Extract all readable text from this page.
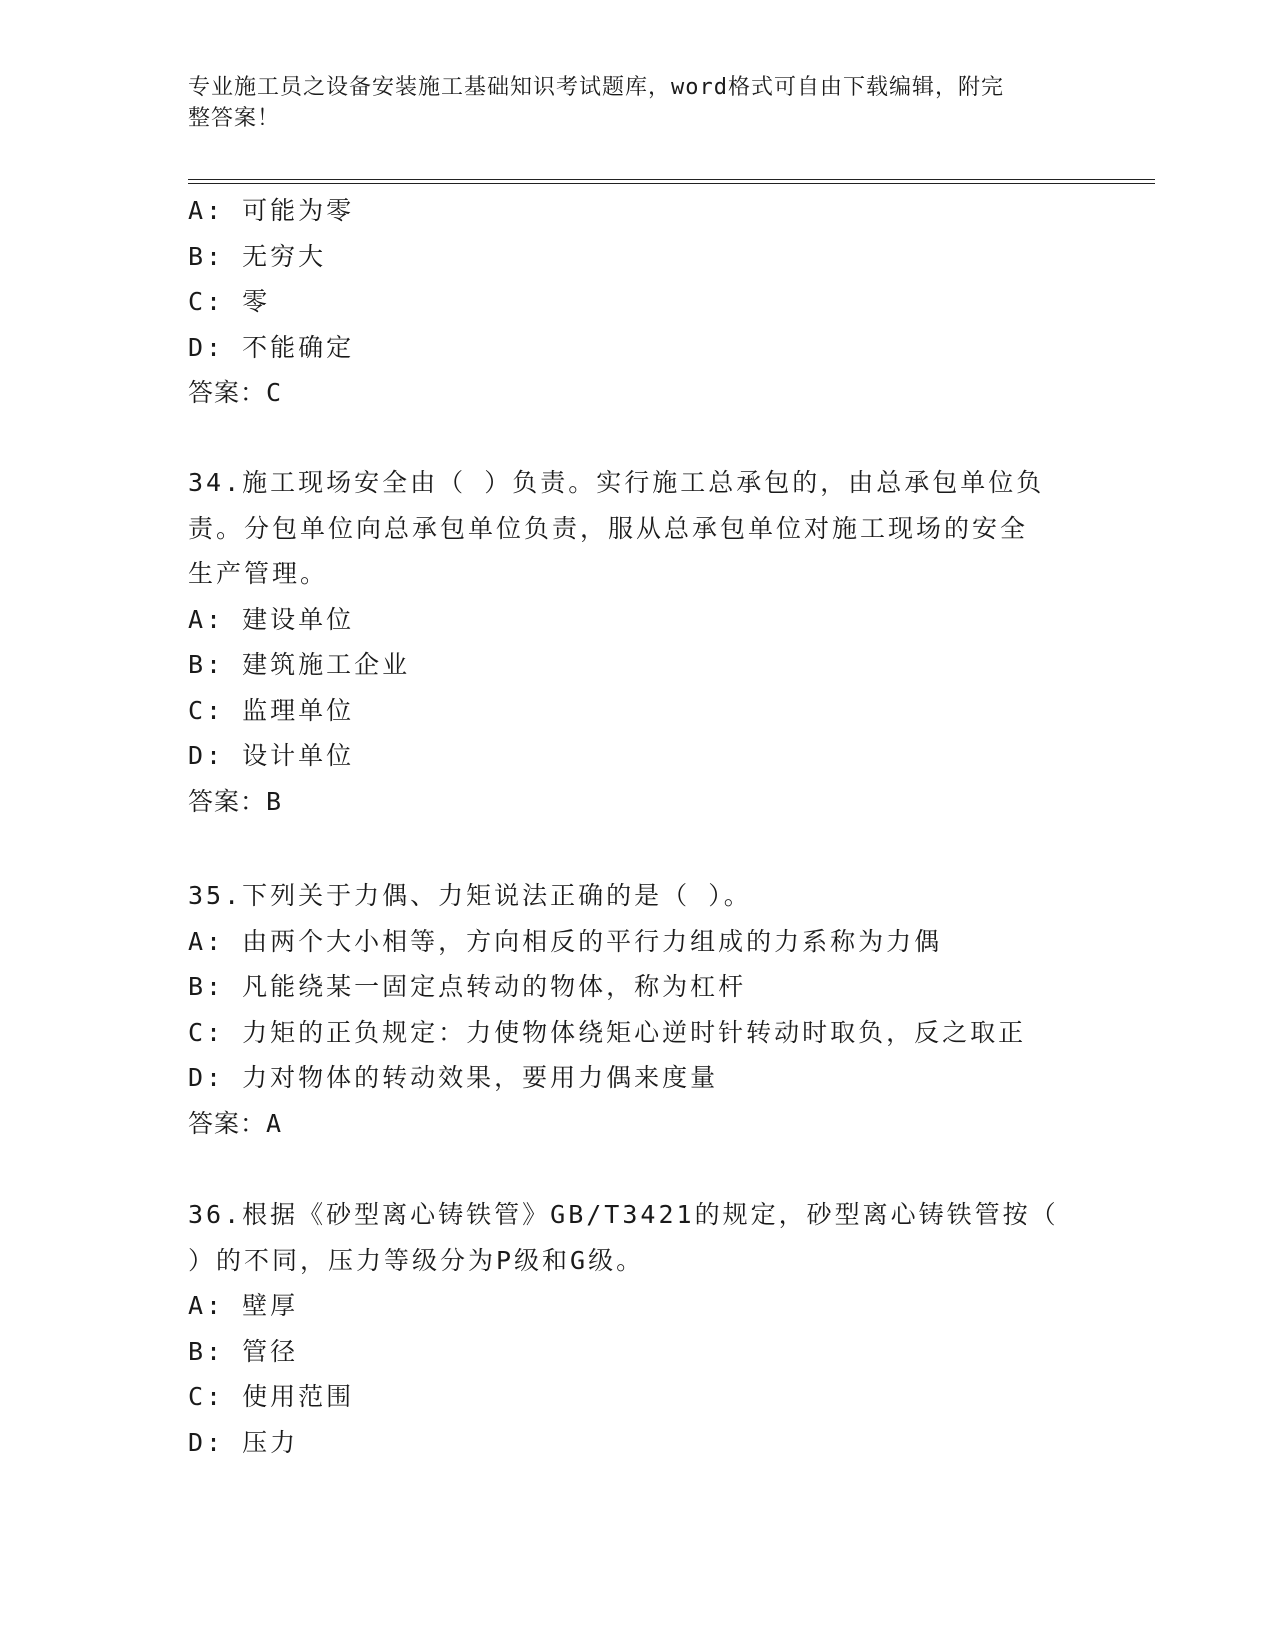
专业施工员之设备安装施工基础知识考试题库，word格式可自由下载编辑，附完
整答案！
A: 可能为零
B: 无穷大
C: 零
D: 不能确定
答案：C
34.施工现场安全由（ ）负责。实行施工总承包的，由总承包单位负
责。分包单位向总承包单位负责，服从总承包单位对施工现场的安全
生产管理。
A: 建设单位
B: 建筑施工企业
C: 监理单位
D: 设计单位
答案：B
35.下列关于力偶、力矩说法正确的是（ ）。
A: 由两个大小相等，方向相反的平行力组成的力系称为力偶
B: 凡能绕某一固定点转动的物体，称为杠杆
C: 力矩的正负规定：力使物体绕矩心逆时针转动时取负，反之取正
D: 力对物体的转动效果，要用力偶来度量
答案：A
36.根据《砂型离心铸铁管》GB/T3421的规定，砂型离心铸铁管按（
）的不同，压力等级分为P级和G级。
A: 壁厚
B: 管径
C: 使用范围
D: 压力
